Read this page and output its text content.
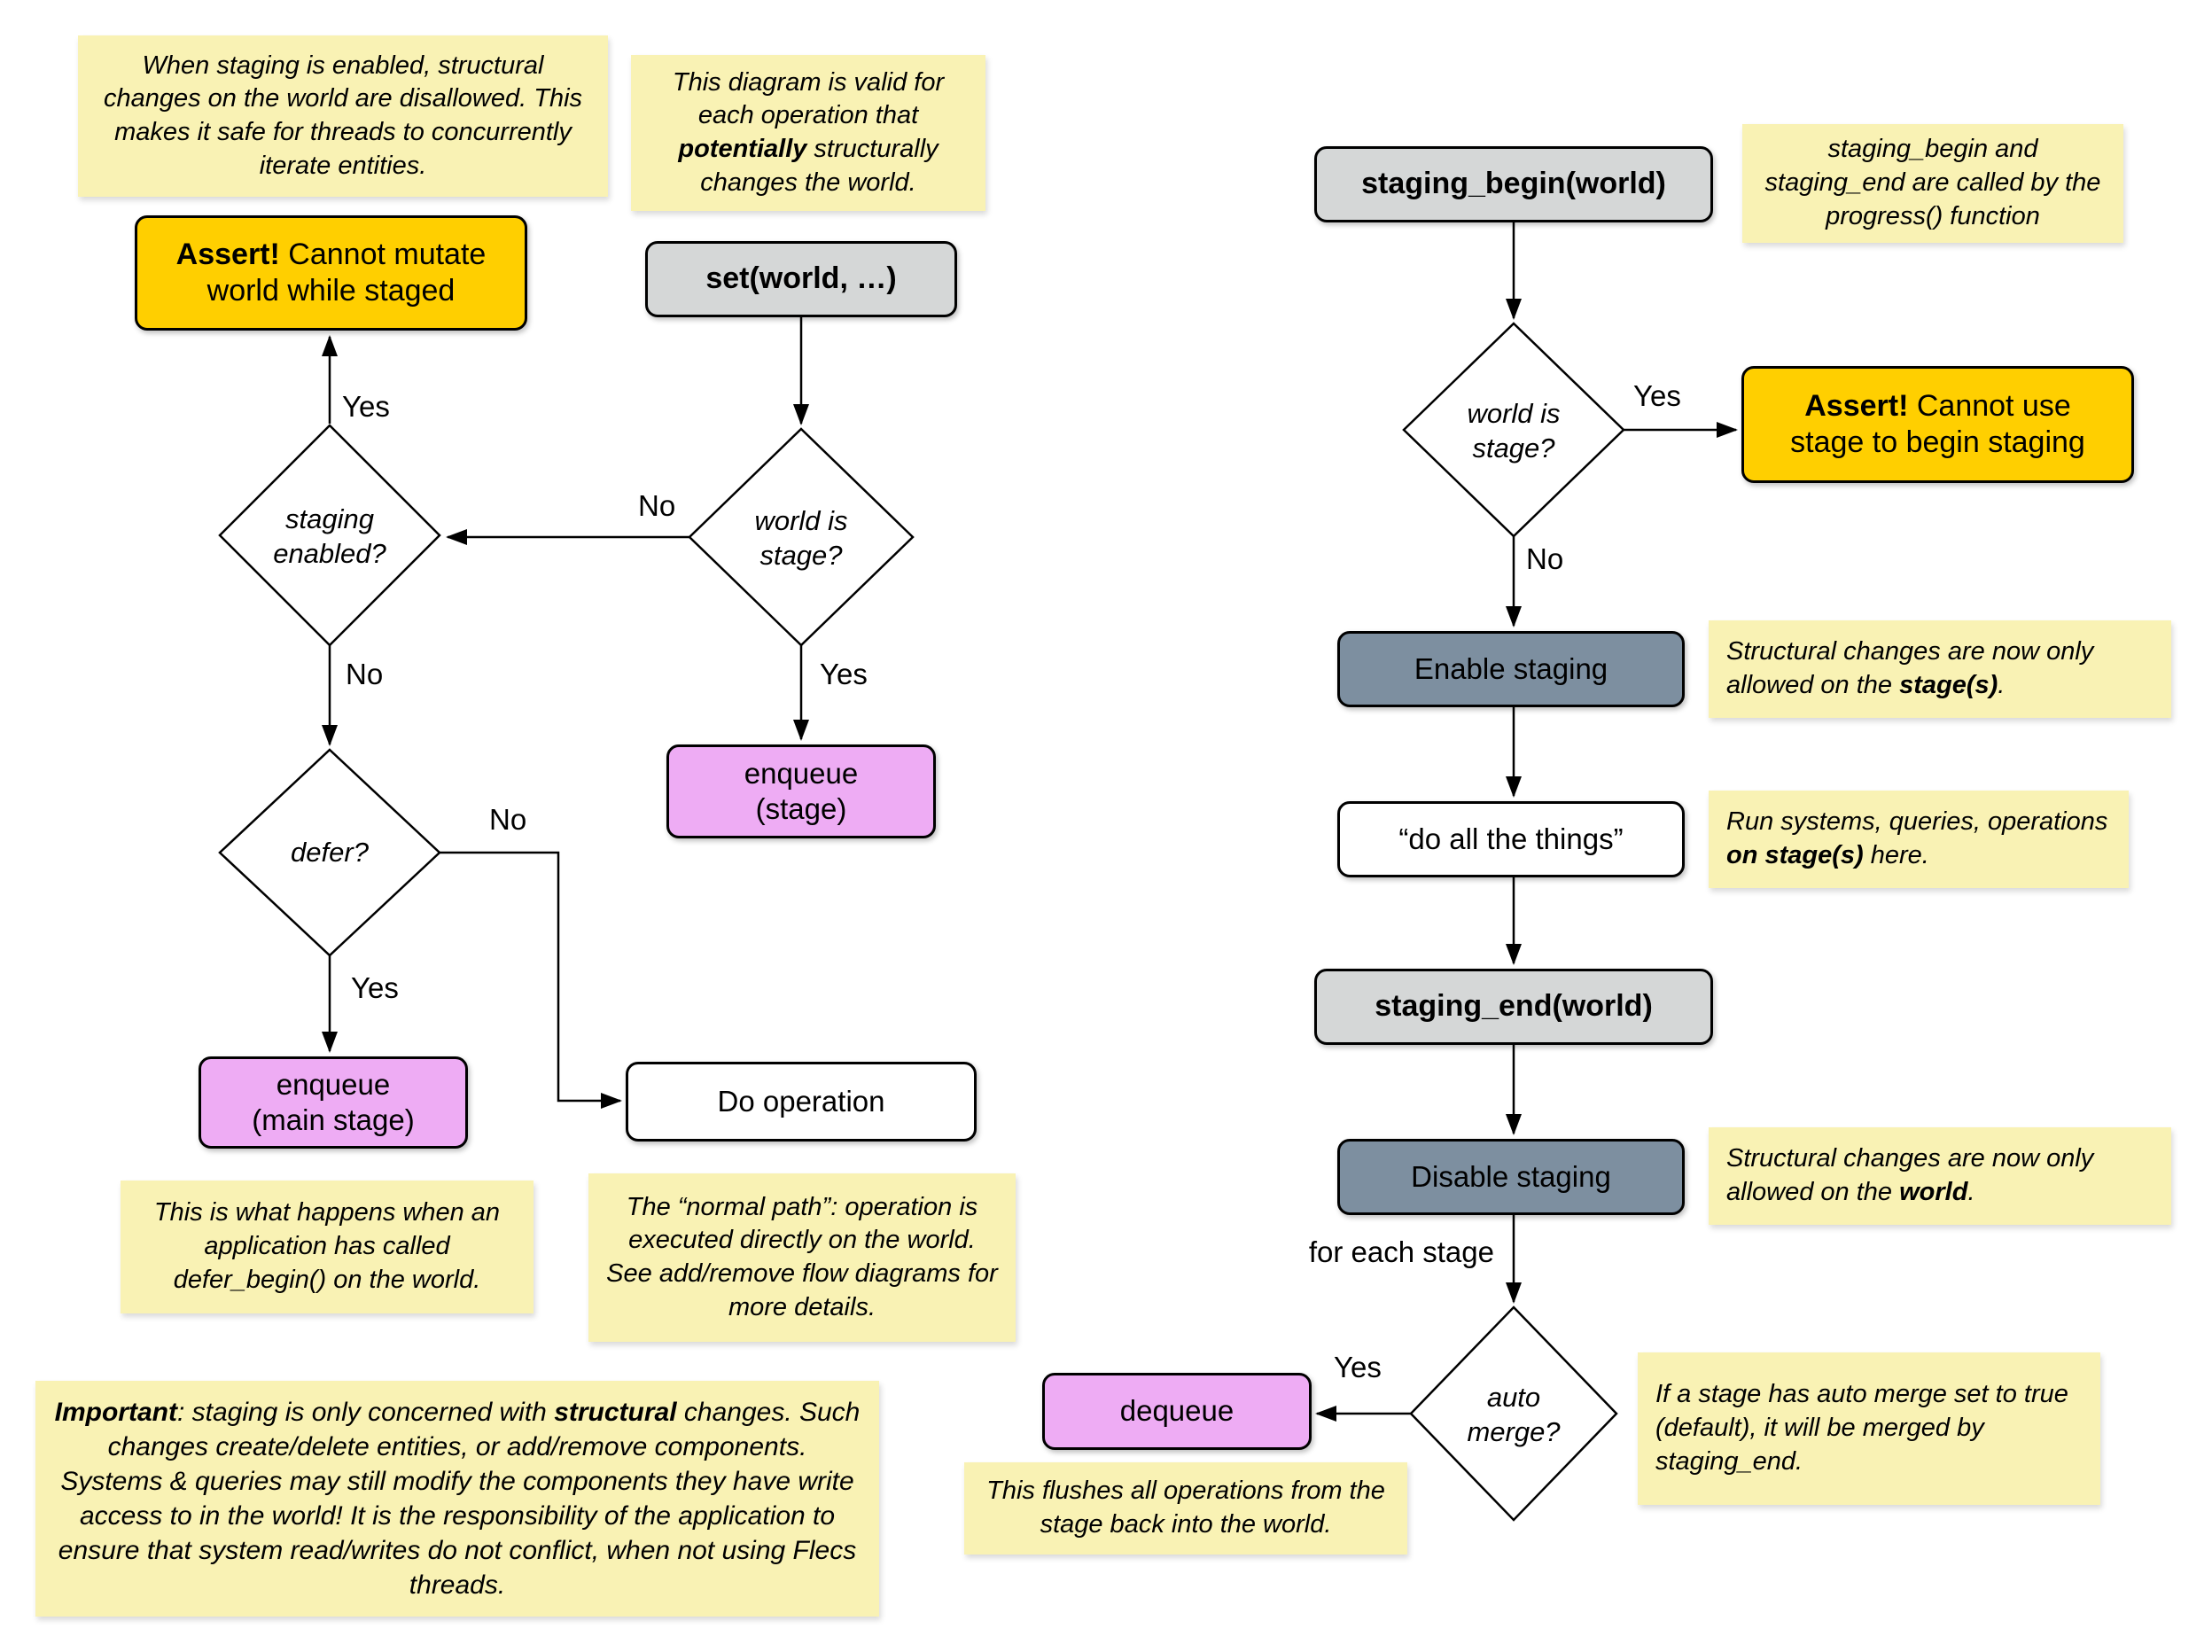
When staging is enabled, structural changes on the world are disallowed. This makes it safe for threads to concurrently iterate entities.

This diagram is valid for each operation that potentially structurally changes the world.

staging_begin and staging_end are called by the progress() function

Structural changes are now only allowed on the stage(s).

Run systems, queries, operations on stage(s) here.

Structural changes are now only allowed on the world.

If a stage has auto merge set to true (default), it will be merged by staging_end.

This flushes all operations from the stage back into the world.

This is what happens when an application has called defer_begin() on the world.

The “normal path”: operation is executed directly on the world. See add/remove flow diagrams for more details.

Important: staging is only concerned with structural changes. Such changes create/delete entities, or add/remove components. Systems & queries may still modify the components they have write access to in the world! It is the responsibility of the application to ensure that system read/writes do not conflict, when not using Flecs threads.

Assert! Cannot mutate
world while staged	set(world, …)
enqueue
(stage)
enqueue
(main stage)
Do operation
staging_begin(world)
Assert! Cannot use
stage to begin staging
Enable staging
“do all the things”
staging_end(world)
Disable staging
dequeue
staging
enabled?
world is
stage?
defer?
world is
stage?
auto
merge?
Yes
No
No	Yes
No
Yes
Yes
No
Yes
for each stage
